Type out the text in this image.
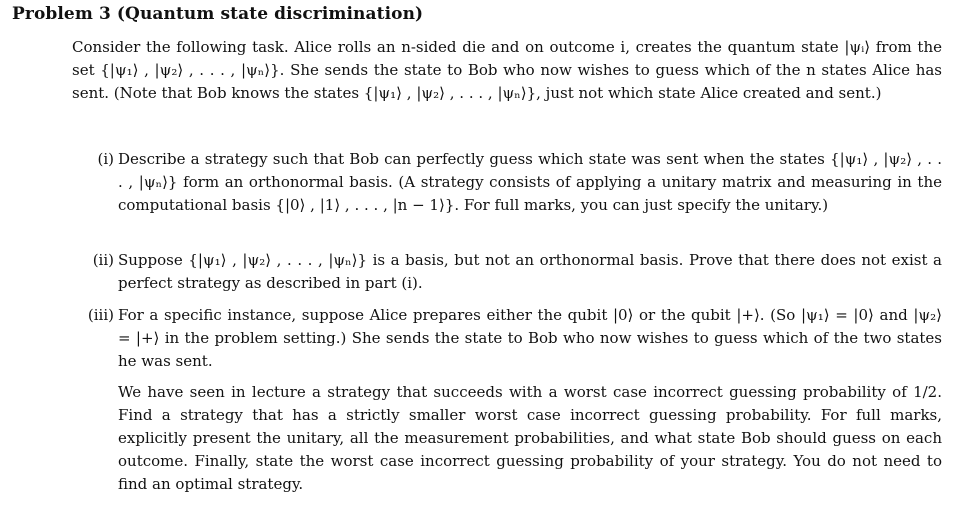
Problem 3 (Quantum state discrimination)

Consider the following task. Alice rolls an n-sided die and on outcome i, creates the quantum state |ψᵢ⟩ from the set {|ψ₁⟩ , |ψ₂⟩ , . . . , |ψₙ⟩}. She sends the state to Bob who now wishes to guess which of the n states Alice has sent. (Note that Bob knows the states {|ψ₁⟩ , |ψ₂⟩ , . . . , |ψₙ⟩}, just not which state Alice created and sent.)

(i) Describe a strategy such that Bob can perfectly guess which state was sent when the states {|ψ₁⟩ , |ψ₂⟩ , . . . , |ψₙ⟩} form an orthonormal basis. (A strategy consists of applying a unitary matrix and measuring in the computational basis {|0⟩ , |1⟩ , . . . , |n − 1⟩}. For full marks, you can just specify the unitary.)

(ii) Suppose {|ψ₁⟩ , |ψ₂⟩ , . . . , |ψₙ⟩} is a basis, but not an orthonormal basis. Prove that there does not exist a perfect strategy as described in part (i).

(iii) For a specific instance, suppose Alice prepares either the qubit |0⟩ or the qubit |+⟩. (So |ψ₁⟩ = |0⟩ and |ψ₂⟩ = |+⟩ in the problem setting.) She sends the state to Bob who now wishes to guess which of the two states he was sent.

We have seen in lecture a strategy that succeeds with a worst case incorrect guessing probability of 1/2. Find a strategy that has a strictly smaller worst case incorrect guessing probability. For full marks, explicitly present the unitary, all the measurement probabilities, and what state Bob should guess on each outcome. Finally, state the worst case incorrect guessing probability of your strategy. You do not need to find an optimal strategy.
